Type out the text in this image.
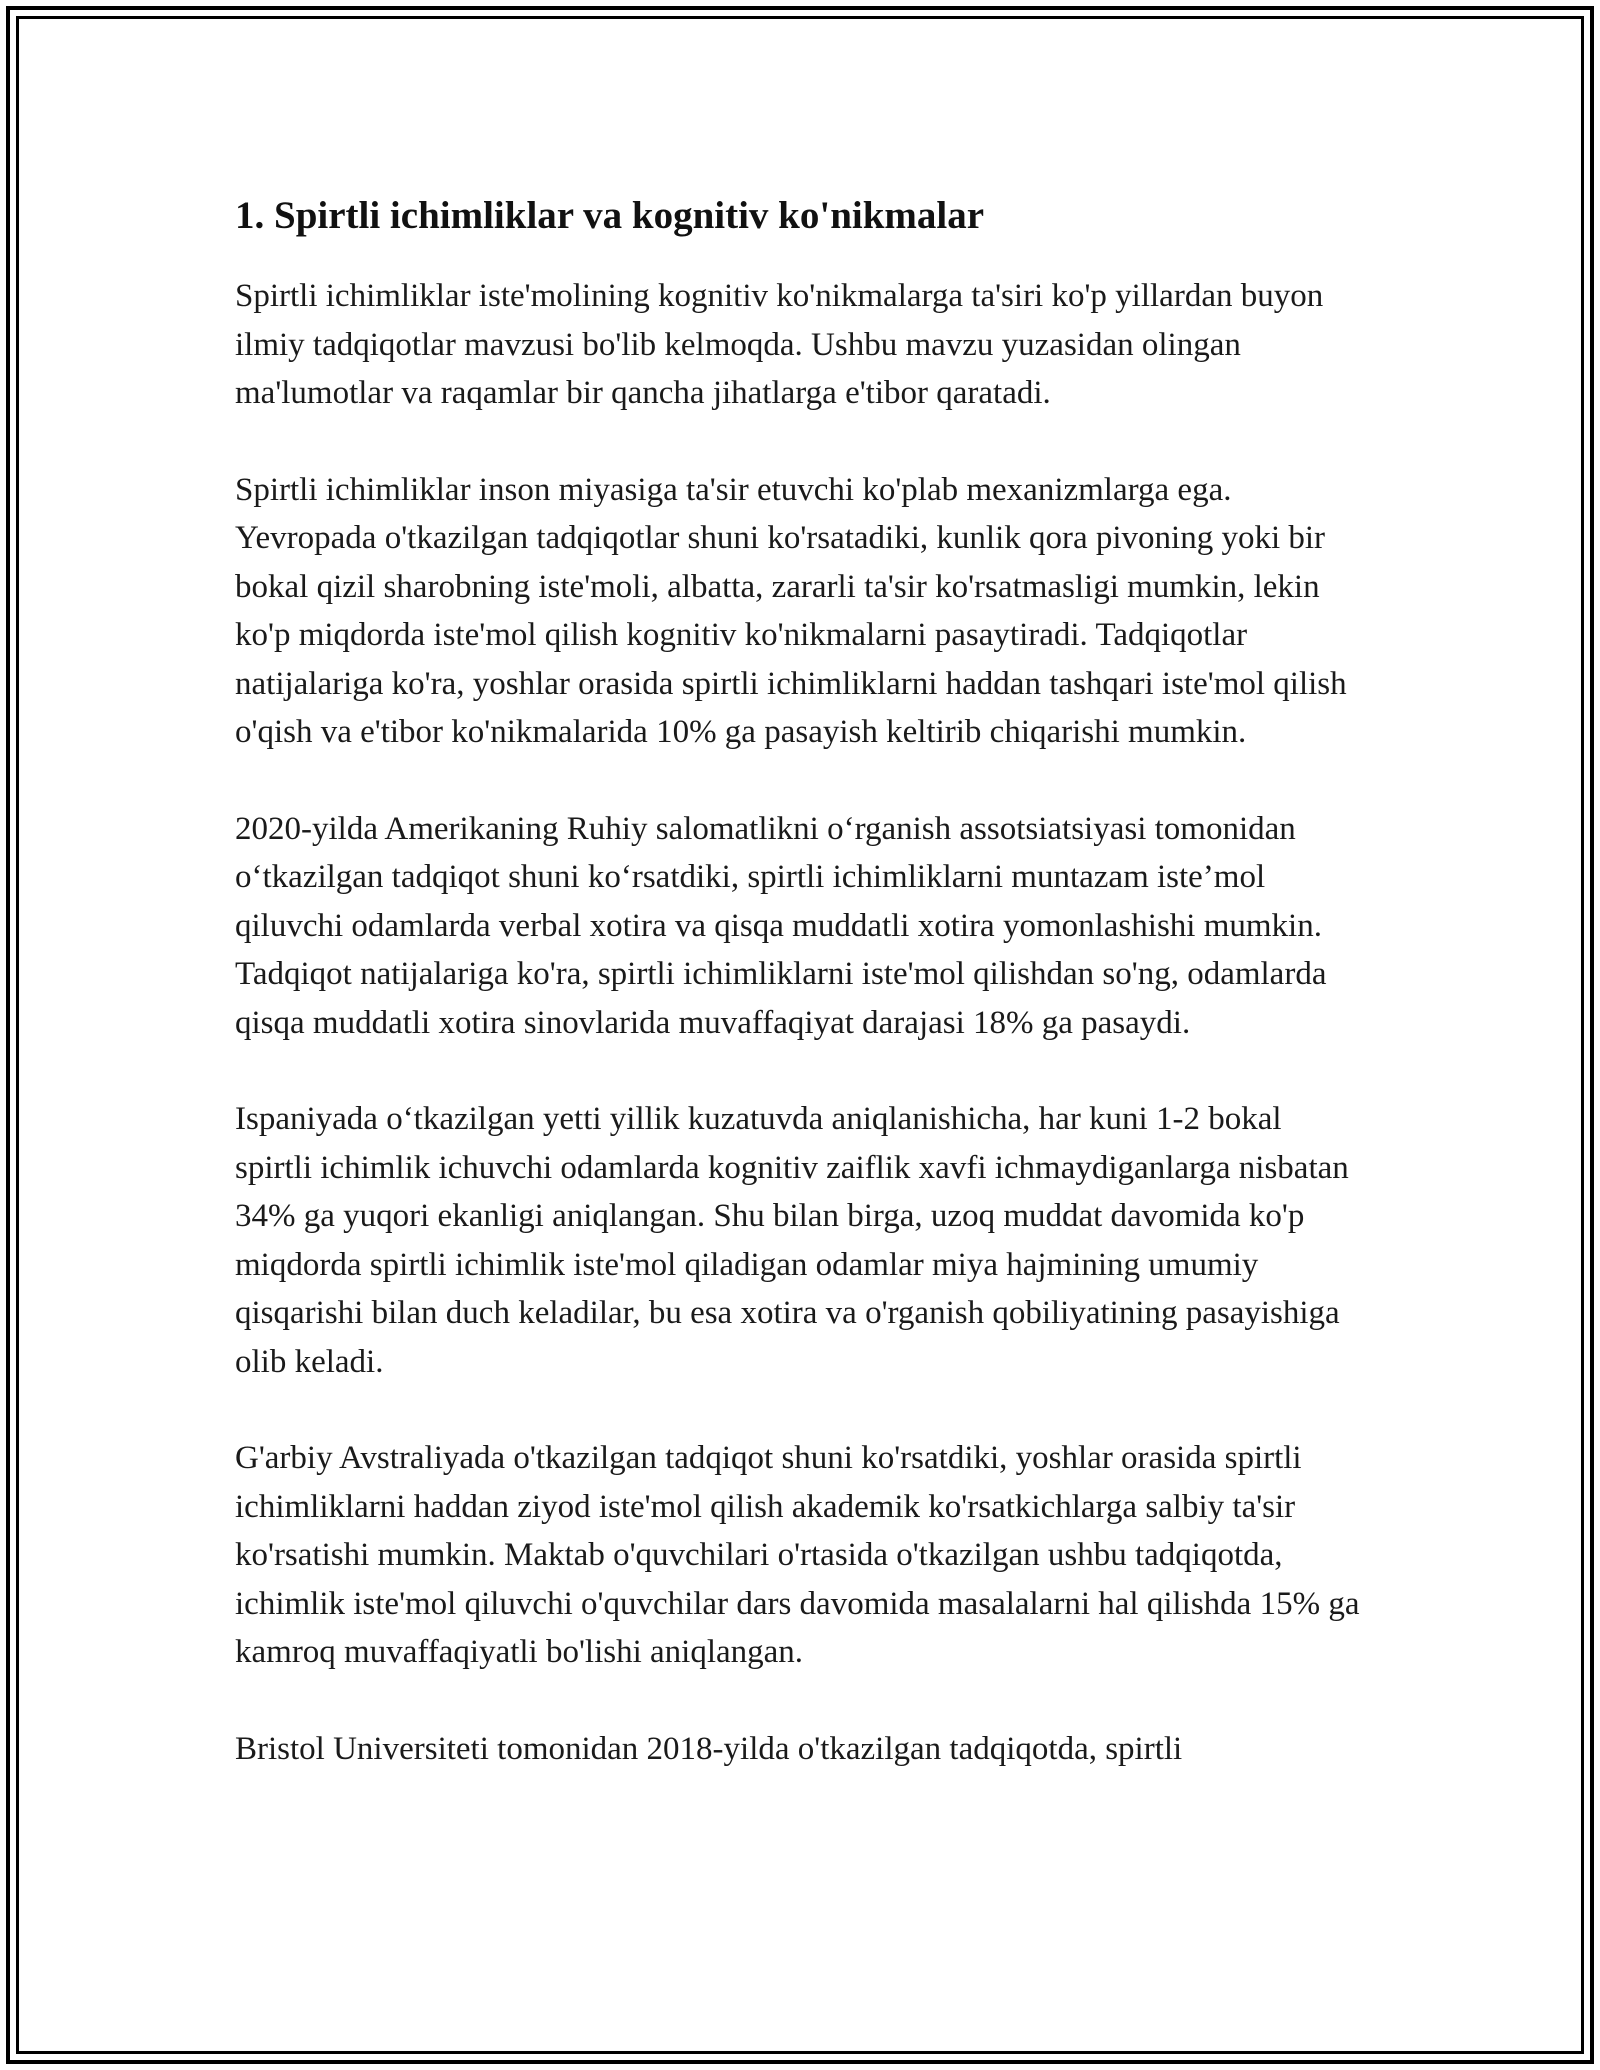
1. Spirtli ichimliklar va kognitiv ko'nikmalar

Spirtli ichimliklar iste'molining kognitiv ko'nikmalarga ta'siri ko'p yillardan buyon ilmiy tadqiqotlar mavzusi bo'lib kelmoqda. Ushbu mavzu yuzasidan olingan ma'lumotlar va raqamlar bir qancha jihatlarga e'tibor qaratadi.

Spirtli ichimliklar inson miyasiga ta'sir etuvchi ko'plab mexanizmlarga ega. Yevropada o'tkazilgan tadqiqotlar shuni ko'rsatadiki, kunlik qora pivoning yoki bir bokal qizil sharobning iste'moli, albatta, zararli ta'sir ko'rsatmasligi mumkin, lekin ko'p miqdorda iste'mol qilish kognitiv ko'nikmalarni pasaytiradi. Tadqiqotlar natijalariga ko'ra, yoshlar orasida spirtli ichimliklarni haddan tashqari iste'mol qilish o'qish va e'tibor ko'nikmalarida 10% ga pasayish keltirib chiqarishi mumkin.

2020-yilda Amerikaning Ruhiy salomatlikni o‘rganish assotsiatsiyasi tomonidan o‘tkazilgan tadqiqot shuni ko‘rsatdiki, spirtli ichimliklarni muntazam iste’mol qiluvchi odamlarda verbal xotira va qisqa muddatli xotira yomonlashishi mumkin. Tadqiqot natijalariga ko'ra, spirtli ichimliklarni iste'mol qilishdan so'ng, odamlarda qisqa muddatli xotira sinovlarida muvaffaqiyat darajasi 18% ga pasaydi.

Ispaniyada o‘tkazilgan yetti yillik kuzatuvda aniqlanishicha, har kuni 1-2 bokal spirtli ichimlik ichuvchi odamlarda kognitiv zaiflik xavfi ichmaydiganlarga nisbatan 34% ga yuqori ekanligi aniqlangan. Shu bilan birga, uzoq muddat davomida ko'p miqdorda spirtli ichimlik iste'mol qiladigan odamlar miya hajmining umumiy qisqarishi bilan duch keladilar, bu esa xotira va o'rganish qobiliyatining pasayishiga olib keladi.

G'arbiy Avstraliyada o'tkazilgan tadqiqot shuni ko'rsatdiki, yoshlar orasida spirtli ichimliklarni haddan ziyod iste'mol qilish akademik ko'rsatkichlarga salbiy ta'sir ko'rsatishi mumkin. Maktab o'quvchilari o'rtasida o'tkazilgan ushbu tadqiqotda, ichimlik iste'mol qiluvchi o'quvchilar dars davomida masalalarni hal qilishda 15% ga kamroq muvaffaqiyatli bo'lishi aniqlangan.

Bristol Universiteti tomonidan 2018-yilda o'tkazilgan tadqiqotda, spirtli
